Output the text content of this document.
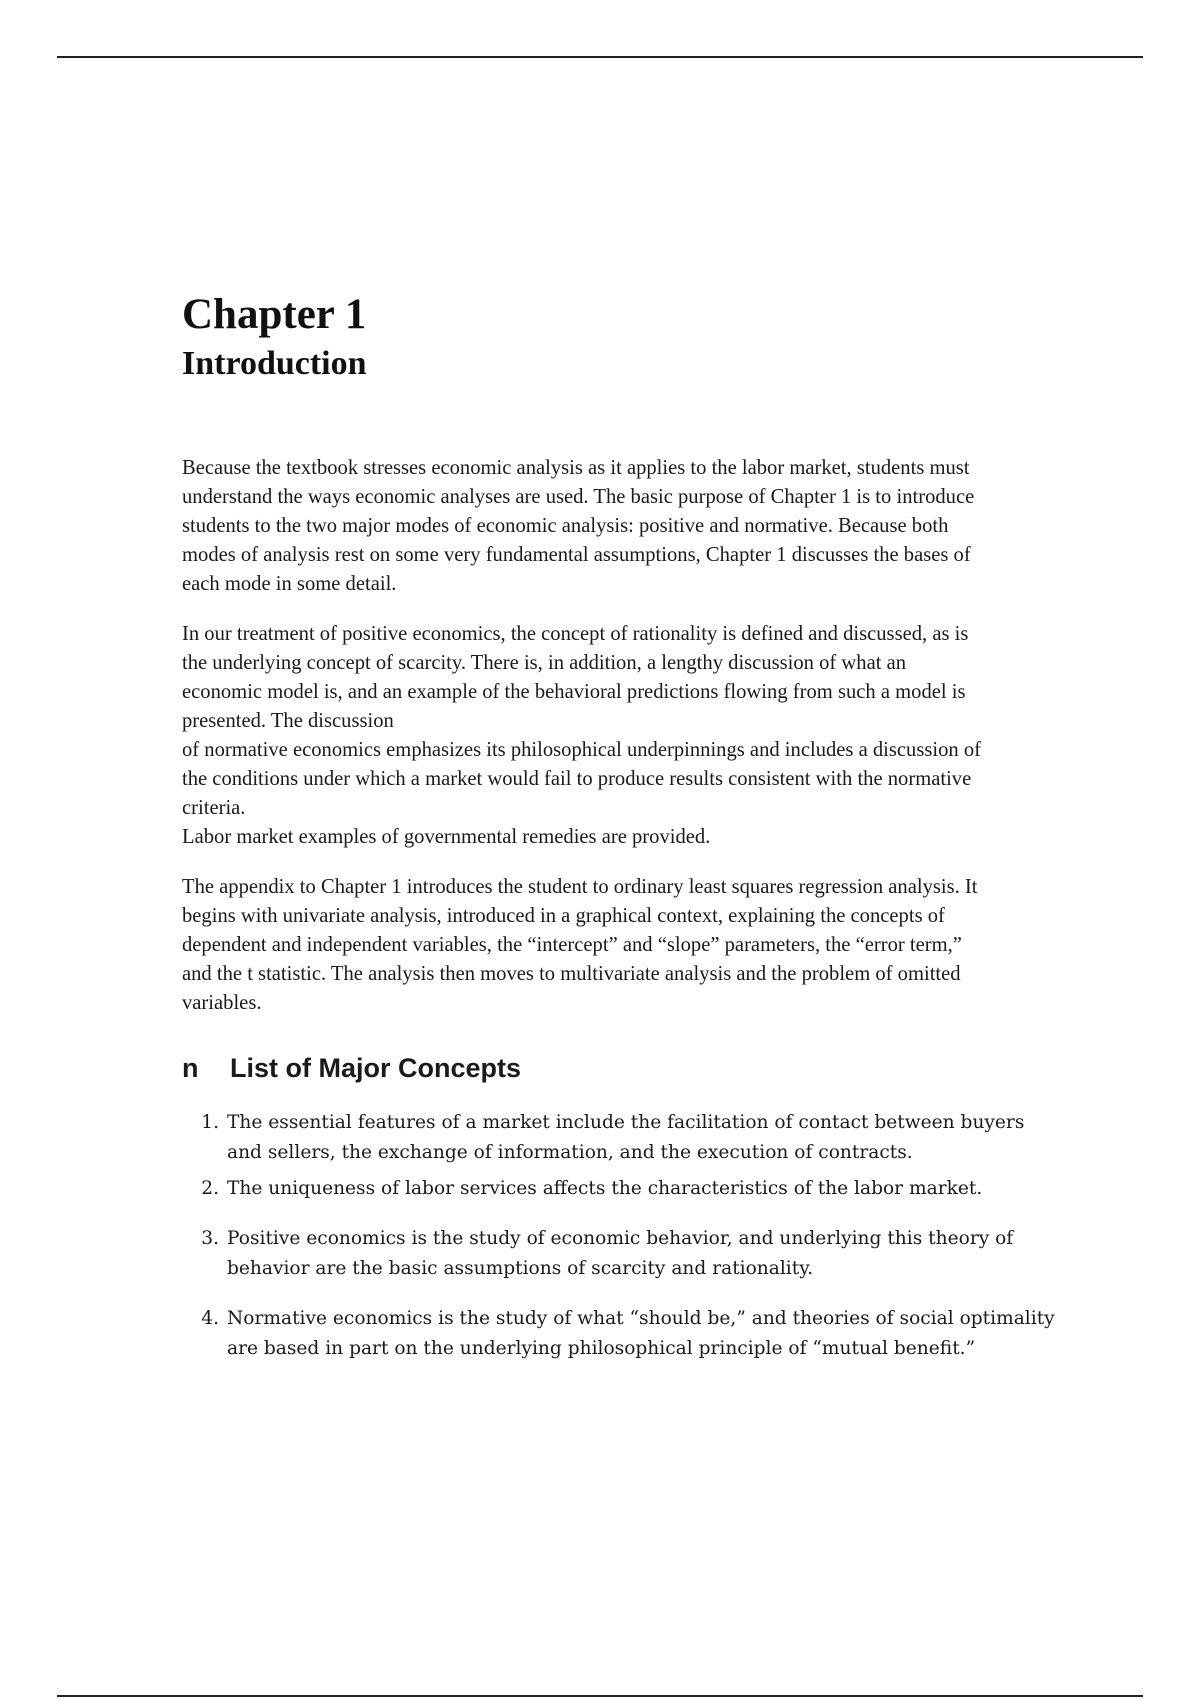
Chapter 1
Introduction

Because the textbook stresses economic analysis as it applies to the labor market, students must
understand the ways economic analyses are used. The basic purpose of Chapter 1 is to introduce
students to the two major modes of economic analysis: positive and normative. Because both
modes of analysis rest on some very fundamental assumptions, Chapter 1 discusses the bases of
each mode in some detail.

In our treatment of positive economics, the concept of rationality is defined and discussed, as is
the underlying concept of scarcity. There is, in addition, a lengthy discussion of what an
economic model is, and an example of the behavioral predictions flowing from such a model is
presented. The discussion
of normative economics emphasizes its philosophical underpinnings and includes a discussion of
the conditions under which a market would fail to produce results consistent with the normative
criteria.
Labor market examples of governmental remedies are provided.

The appendix to Chapter 1 introduces the student to ordinary least squares regression analysis. It
begins with univariate analysis, introduced in a graphical context, explaining the concepts of
dependent and independent variables, the “intercept” and “slope” parameters, the “error term,”
and the t statistic. The analysis then moves to multivariate analysis and the problem of omitted
variables.

n	List of Major Concepts
1. The essential features of a market include the facilitation of contact between buyers
and sellers, the exchange of information, and the execution of contracts.
2. The uniqueness of labor services affects the characteristics of the labor market.
3. Positive economics is the study of economic behavior, and underlying this theory of
behavior are the basic assumptions of scarcity and rationality.
4. Normative economics is the study of what “should be,” and theories of social optimality
are based in part on the underlying philosophical principle of “mutual benefit.”
